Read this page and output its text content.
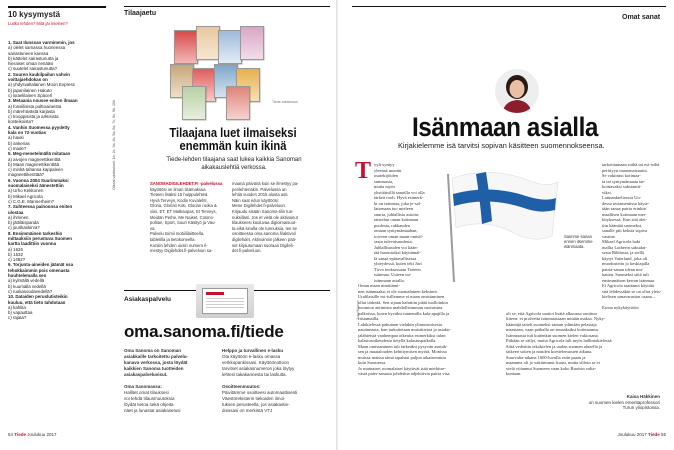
10 kysymystä
Luitko lehden? Mitä jäi mieleen?
1. Saat Ilunssan varmimmin, jos
a) olelet samassa huoneessa
sairastuneen kanssa
b) kättelet sairastunutta ja
hieraiset omaa nenääsi
c) suutelet sairastunutta?
2. Suuren kuukilpailun vahvin
voittajaehdokas on
a) yhdysvaltalainen Moon Express
b) japanilainen Hakuto
c) israelilainen SpaceIl
3. Metaania nousee eniten ilmaan
a) fossiilisista polttoaineista
b) märehtivästä karjasta
c) trooppisista ja arktisista
kosteikoista?
4. Vanhin Suomessa pyydetty
kala on 72-vuotias
a) hauki
b) ankerias
c) made?
5. Meg-menetelmällä mitataan
a) aivojen magneettikenttiä
b) Maan magneettikenttää
c) minkä tahansa kappaleen
magneettikenttää?
6. Vuonna 2004 Suurimmaksi
suomalaiseksi äänestettiin
a) Urho Kekkonen
b) Mikael Agricola
c) C.G.E. Mannerheim?
7. Suhteessa painoonsa eniten
ulostaa
a) ihminen
b) jättiläispanda
c) juurikaskirva?
8. Ensimmäinen tarkeshin
mittauksiin perustuva Suomen
kartta laadittiin vuonna
a) 1626
b) 1532
c) 1482?
9. Torjunta-aineiden jäämät ssa
tehokkaimmin pois omenasta
huuhtelemalla sen
a) kylmällä vedellä
b) kuumalla vedellä
c) ruokasoodavedellä?
10. Dataiden peruslutisteikin
kuuluu, että tieto tahdotaan
a) kahlita
b) vapauttaa
c) rajata?
Oikeat vastaukset: 1b, 2c, 3a, 4b, 5a, 6a, 7c, 8c, 9b, 10b
Tilaajaetu
Tiede-arkistossa
Tilaajana luet ilmaiseksi enemmän kuin ikinä
Tiede-lehden tilaajana saat lukea kaikkia Sanoman aikakauslehtiä verkossa.
SANOMADIGILEHDET.FI -palvelussa
käyttöösi on ilman lisämaksua
Tieteen lisäksi 15 huippulehteä.
Hyvä Terveys, Kodin Kuvalehti,
Gloria, Glorian Koti, Glorian ruoka &
viini, ET, ET Matkaopas, Et Terveys,
Meidän Perhe, Me Naiset, Cosmo-
politan, Sport, Suuri Käsityö ja Vau-
va.
Palvelu toimii mobiililaitteella,
tabletilla ja tietokoneella.
Kunkin lehden uusin numero il-
mestyy Digilehdet.fi-palveluun sa-
maana päivänä kuin se ilmestyy pa-
perilehtenäkin. Palvelussa on
lehtiä vuoden 2015 alusta asti.
Näin saat edun käyttöösi:
Mene Digilehdet.fi-palveluun.
Kirjaudu sisään Sanoma-tilin tun-
nuksillasi. Jos et vielä ole aktivoinut
tilaukseesi kuuluvaa digioimaisuut-
ta eikä sinulla ole tunnuksia, tee se
osoitteessa oma.sanoma.fi/aktivoi/
digilehdet. Aktivoinnin jälkeen pää-
set kirjautumaan suoraan Digileh-
det.fi-palveluun.
Asiakaspalvelu
oma.sanoma.fi/tiede
Oma Sanoma on Sanoman
asiakkaille tarkoitettu palvelu-
kanava verkossa, josta löydät
kaikkien Sanoma tuotteiden
asiakaspalveluvisut.

Oma Sanomassa:
Hallitet omat tilauksesi
voi tehdä tilausmuutoksia
löydät tietoa sekä ohjeita
näet ja lunastat asiakasetusi
Helppo ja turvallinen e-lasku
Ota käyttöön e-lasku omassa
verkkopankissasi. Käyttöönottoon
tarvitset asiakasnumeron joka löytyy
lehtesi takakannesta tai laskulta.

Osoitteenmuutos:
Päivitämme osoitteesi automaattisesti
Väestörekisterin tiekoiden ilmoi-
tuksen perusteella, jos asiakastie-
doissasi on merkintä VTJ
54 Tiede Joulukuu 2017
Omat sanat
Isänmaan asialla
Kirjakielemme isä tarvitsi sopivan käsitteen suomennokseensa.
T
Saimme sanan
ennen itsemme
isänmaata.
yyli-syntyy
yleensä moniin
osatekijöiden
summasta,
mutta myös
yksittäisillä sanoilla voi olla
tärkeä rooli. Hyvä esimerk-
ki on isänmaa, joka je-sal-
laisenaan tuo mieleen
suuria, juhlallisia asioita:
taistelun oman kotimaan
puolesta, rakkauden
omaan syntymämaahan,
toiveen oman maan omistl-
sesta tulevaisuudesta.
Juhlallisuuden voi kään-
tää huomioiksi käyttämäl-
lä sanaa epätavallisessa
yhteydessä, kuten teki Juri
Tirvo teoksessaan Tieteen
isänmaa: Uuteen uu-
isänmaan asialla.
Oman maan nimittämi-
nen isänmaaksi ei ole suomalainen keksintö.
Uralilaisille esi-isillemme ei maan omistaminen
ollut tärkeää. Sen sijaan haluttiin pitää tuolloinkin
huomion antimista mahdollisimman suotuisina
palkoissa, koten hyväksi tuntemilla kala-apajilla ja
riistamailla.
Lakikielessä puhutaan vieläkin ylimuistoisesta
nautinnasta, kun tarkoitetaan muistitietoa ja asiakir-
jalähteistä vanhempaa oikeutta esimerkiksi talon
kalastusoikeudesta tietyllä kalastuspaikalla.
Maan omistaminen tuli tärkeäksi pysyvän asutuk-
sen ja maatalouden kehittymisen myötä. Monissa
muissa maissa tämä tapahtui paljon aikaisemmin
kuin Suomessa.
Jo muinaiset roomalaiset käyttivät isää merkitse-
västä pater-sanasta johdettua adjektiivia patria visa
tarkoittamaan isältä tai esi-isiltä
perittyyn maaomaisuutta.
Se vakiintui kotimaa-
ta tai syntymämaata tar-
koittavaksi substantii-
viksi.
Latinankielisessä Uu-
dessa testamentissa käyte-
tään sanaa patria erinkin
maallisen kotimaan mer-
kityksessä. Kun sitä alet-
tiin kääntää suomeksi,
sanalle piti keksiä sopiva
vastine.
Mikael Agricola haki
mallia Lutherin saksalai-
sesta Bibliasta, ja siellä
käytyt Vaterland, joka oli
muodostettu jo keskiajalla
patria-sanan idean mu-
kaiten. Suomeksi siitä tuli
ensimmäisen kerran isänmaa.
Ei Agricola saattanut käyttää
sitä lehdessäkin se on ollut yleis-
kielisen sanavaraston osana...

Erona nykykäyttöön
oli se, että Agricola saattoi lisätä alkuunsa omiitun
liiteen: ei profeetta isänmaassaan mitään maksa. Nyky-
kääntäjä taiteli suomeksi saman ydintään pelastaja
maastaan, vaan paikalla on senaaksiksi kotimaansa.
Isänmaasta tuli kuitenkin suomen kielen vakiosana.
Pitkään se säilyi, mutta Agricola tuli myös hallintokielessä.
Siitä vedettiin tekokielen ja uuden suomen alueella ja
taikeen sotien ja muiden koettelemusten aikana.
Suurvalta-aikana 1600-luvulla esiin paatu ja
maamme oli jo vakiintunut fraasi, mutta silloin se ei
vielä viitannut Suomeen vaan koko Ruotsin valta-
kuntaan.
Jussi/Kivinen
Kaisa Häkkinen
on suomen kielen emeritaprofessori
Turun yliopistossa.
Joulukuu 2017 Tiede 55
